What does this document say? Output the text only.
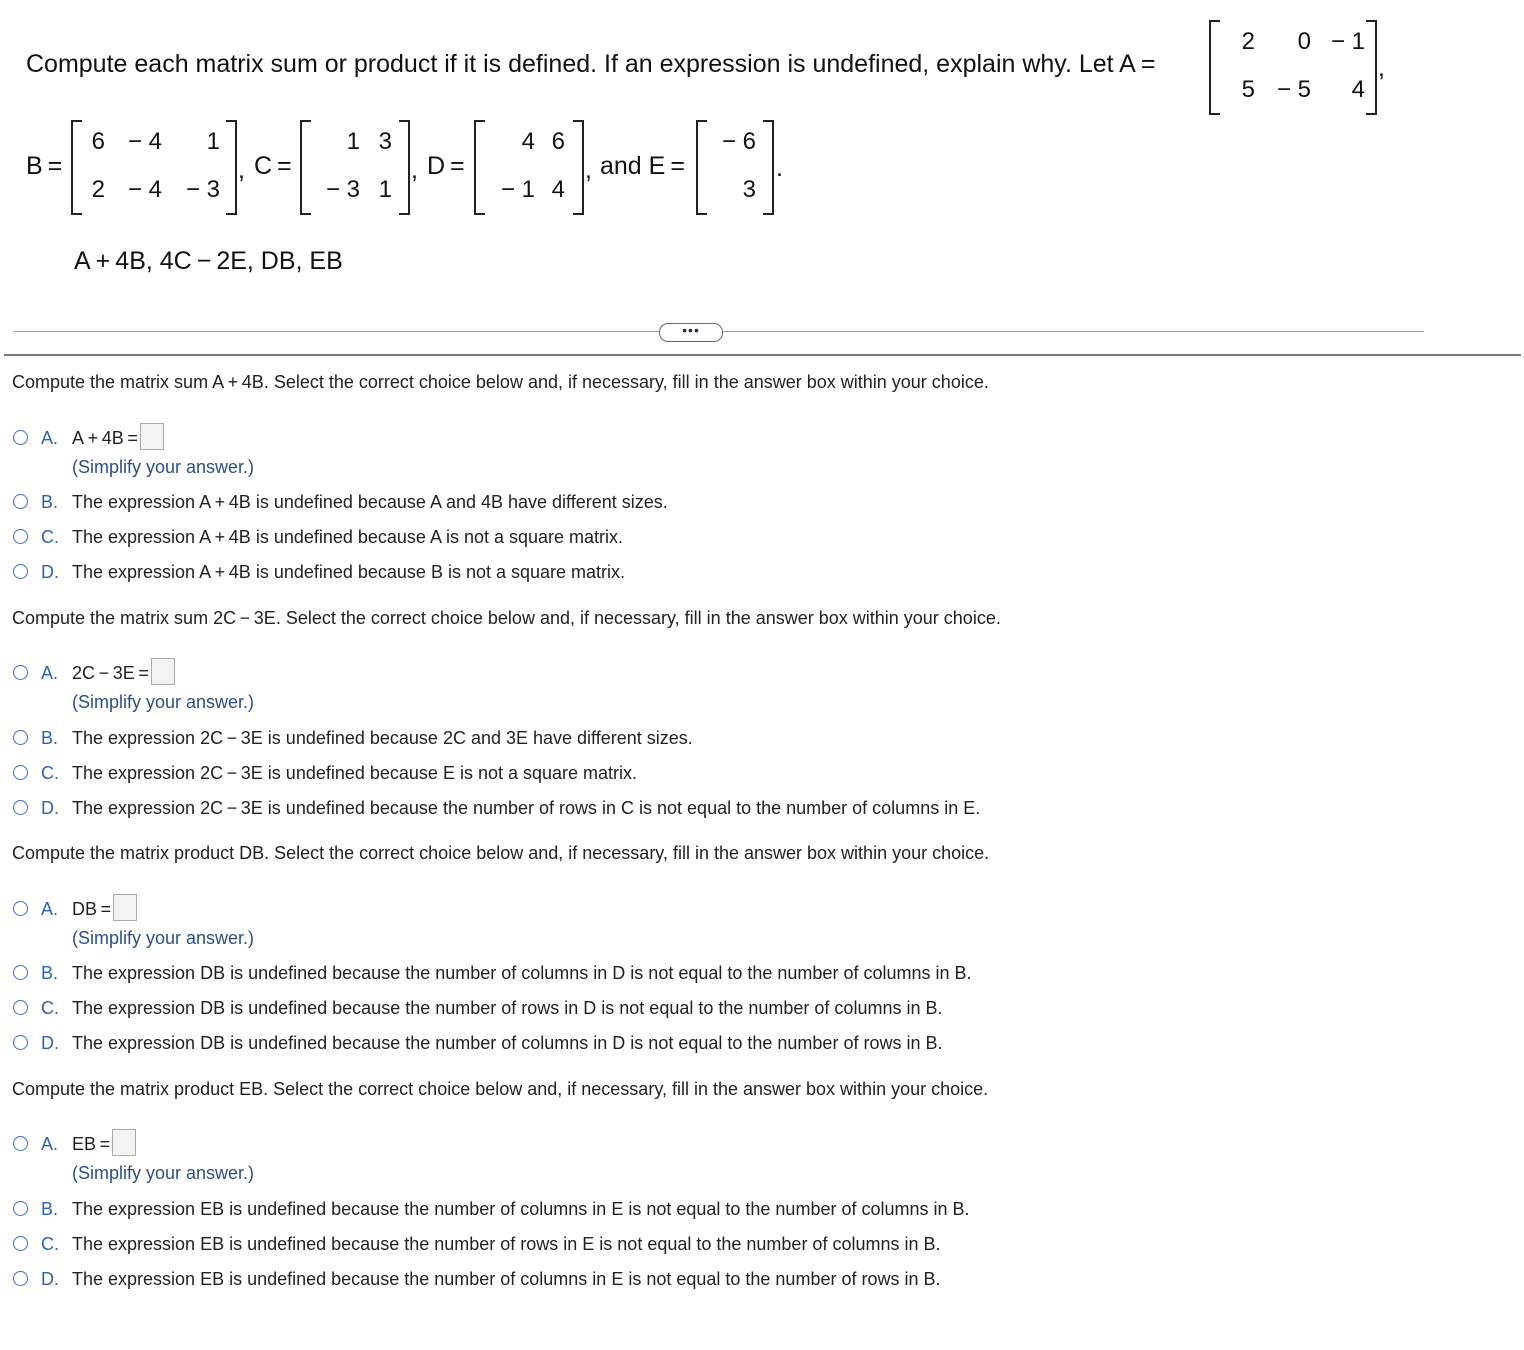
Compute each matrix sum or product if it is defined. If an expression is undefined, explain why. Let A =
2 0 − 1
5 − 5 4
,
B =
6 − 4 1
2 − 4 − 3
, C =
1 3
− 3 1
, D =
4 6
− 1 4
, and E =
− 6
3
.
A + 4B, 4C − 2E, DB, EB
•••
Compute the matrix sum A + 4B. Select the correct choice below and, if necessary, fill in the answer box within your choice.
A. A + 4B =
(Simplify your answer.)
B. The expression A + 4B is undefined because A and 4B have different sizes.
C. The expression A + 4B is undefined because A is not a square matrix.
D. The expression A + 4B is undefined because B is not a square matrix.
Compute the matrix sum 2C − 3E. Select the correct choice below and, if necessary, fill in the answer box within your choice.
A. 2C − 3E =
(Simplify your answer.)
B. The expression 2C − 3E is undefined because 2C and 3E have different sizes.
C. The expression 2C − 3E is undefined because E is not a square matrix.
D. The expression 2C − 3E is undefined because the number of rows in C is not equal to the number of columns in E.
Compute the matrix product DB. Select the correct choice below and, if necessary, fill in the answer box within your choice.
A. DB =
(Simplify your answer.)
B. The expression DB is undefined because the number of columns in D is not equal to the number of columns in B.
C. The expression DB is undefined because the number of rows in D is not equal to the number of columns in B.
D. The expression DB is undefined because the number of columns in D is not equal to the number of rows in B.
Compute the matrix product EB. Select the correct choice below and, if necessary, fill in the answer box within your choice.
A. EB =
(Simplify your answer.)
B. The expression EB is undefined because the number of columns in E is not equal to the number of columns in B.
C. The expression EB is undefined because the number of rows in E is not equal to the number of columns in B.
D. The expression EB is undefined because the number of columns in E is not equal to the number of rows in B.
